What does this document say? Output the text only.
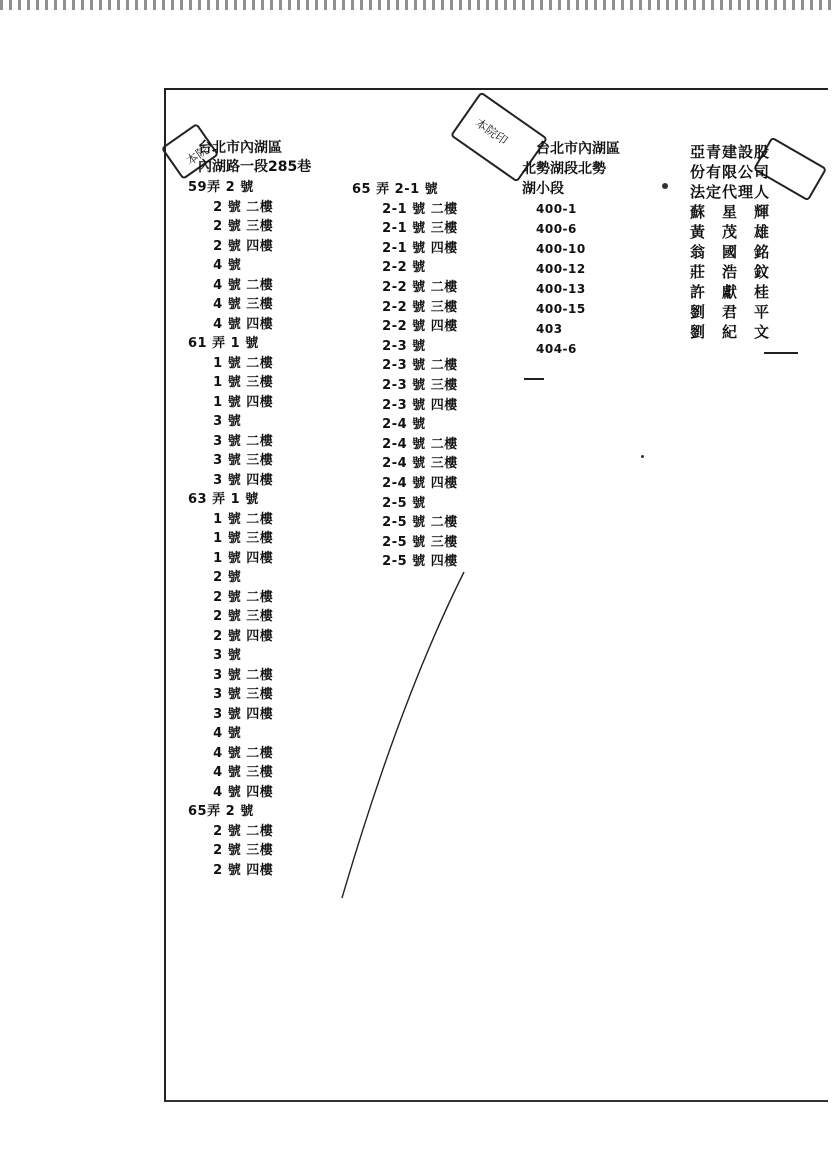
本院

本院印

台北市內湖區
內湖路一段285巷
59弄 2 號
2 號 二樓
2 號 三樓
2 號 四樓
4 號
4 號 二樓
4 號 三樓
4 號 四樓
61 弄 1 號
1 號 二樓
1 號 三樓
1 號 四樓
3 號
3 號 二樓
3 號 三樓
3 號 四樓
63 弄 1 號
1 號 二樓
1 號 三樓
1 號 四樓
2 號
2 號 二樓
2 號 三樓
2 號 四樓
3 號
3 號 二樓
3 號 三樓
3 號 四樓
4 號
4 號 二樓
4 號 三樓
4 號 四樓
65弄 2 號
2 號 二樓
2 號 三樓
2 號 四樓
65 弄 2-1 號
2-1 號 二樓
2-1 號 三樓
2-1 號 四樓
2-2 號
2-2 號 二樓
2-2 號 三樓
2-2 號 四樓
2-3 號
2-3 號 二樓
2-3 號 三樓
2-3 號 四樓
2-4 號
2-4 號 二樓
2-4 號 三樓
2-4 號 四樓
2-5 號
2-5 號 二樓
2-5 號 三樓
2-5 號 四樓
台北市內湖區
北勢湖段北勢
湖小段
400-1
400-6
400-10
400-12
400-13
400-15
403
404-6
亞青建設股
份有限公司
法定代理人
蘇　星　輝
黃　茂　雄
翁　國　銘
莊　浩　鈫
許　獻　桂
劉　君　平
劉　紀　文
